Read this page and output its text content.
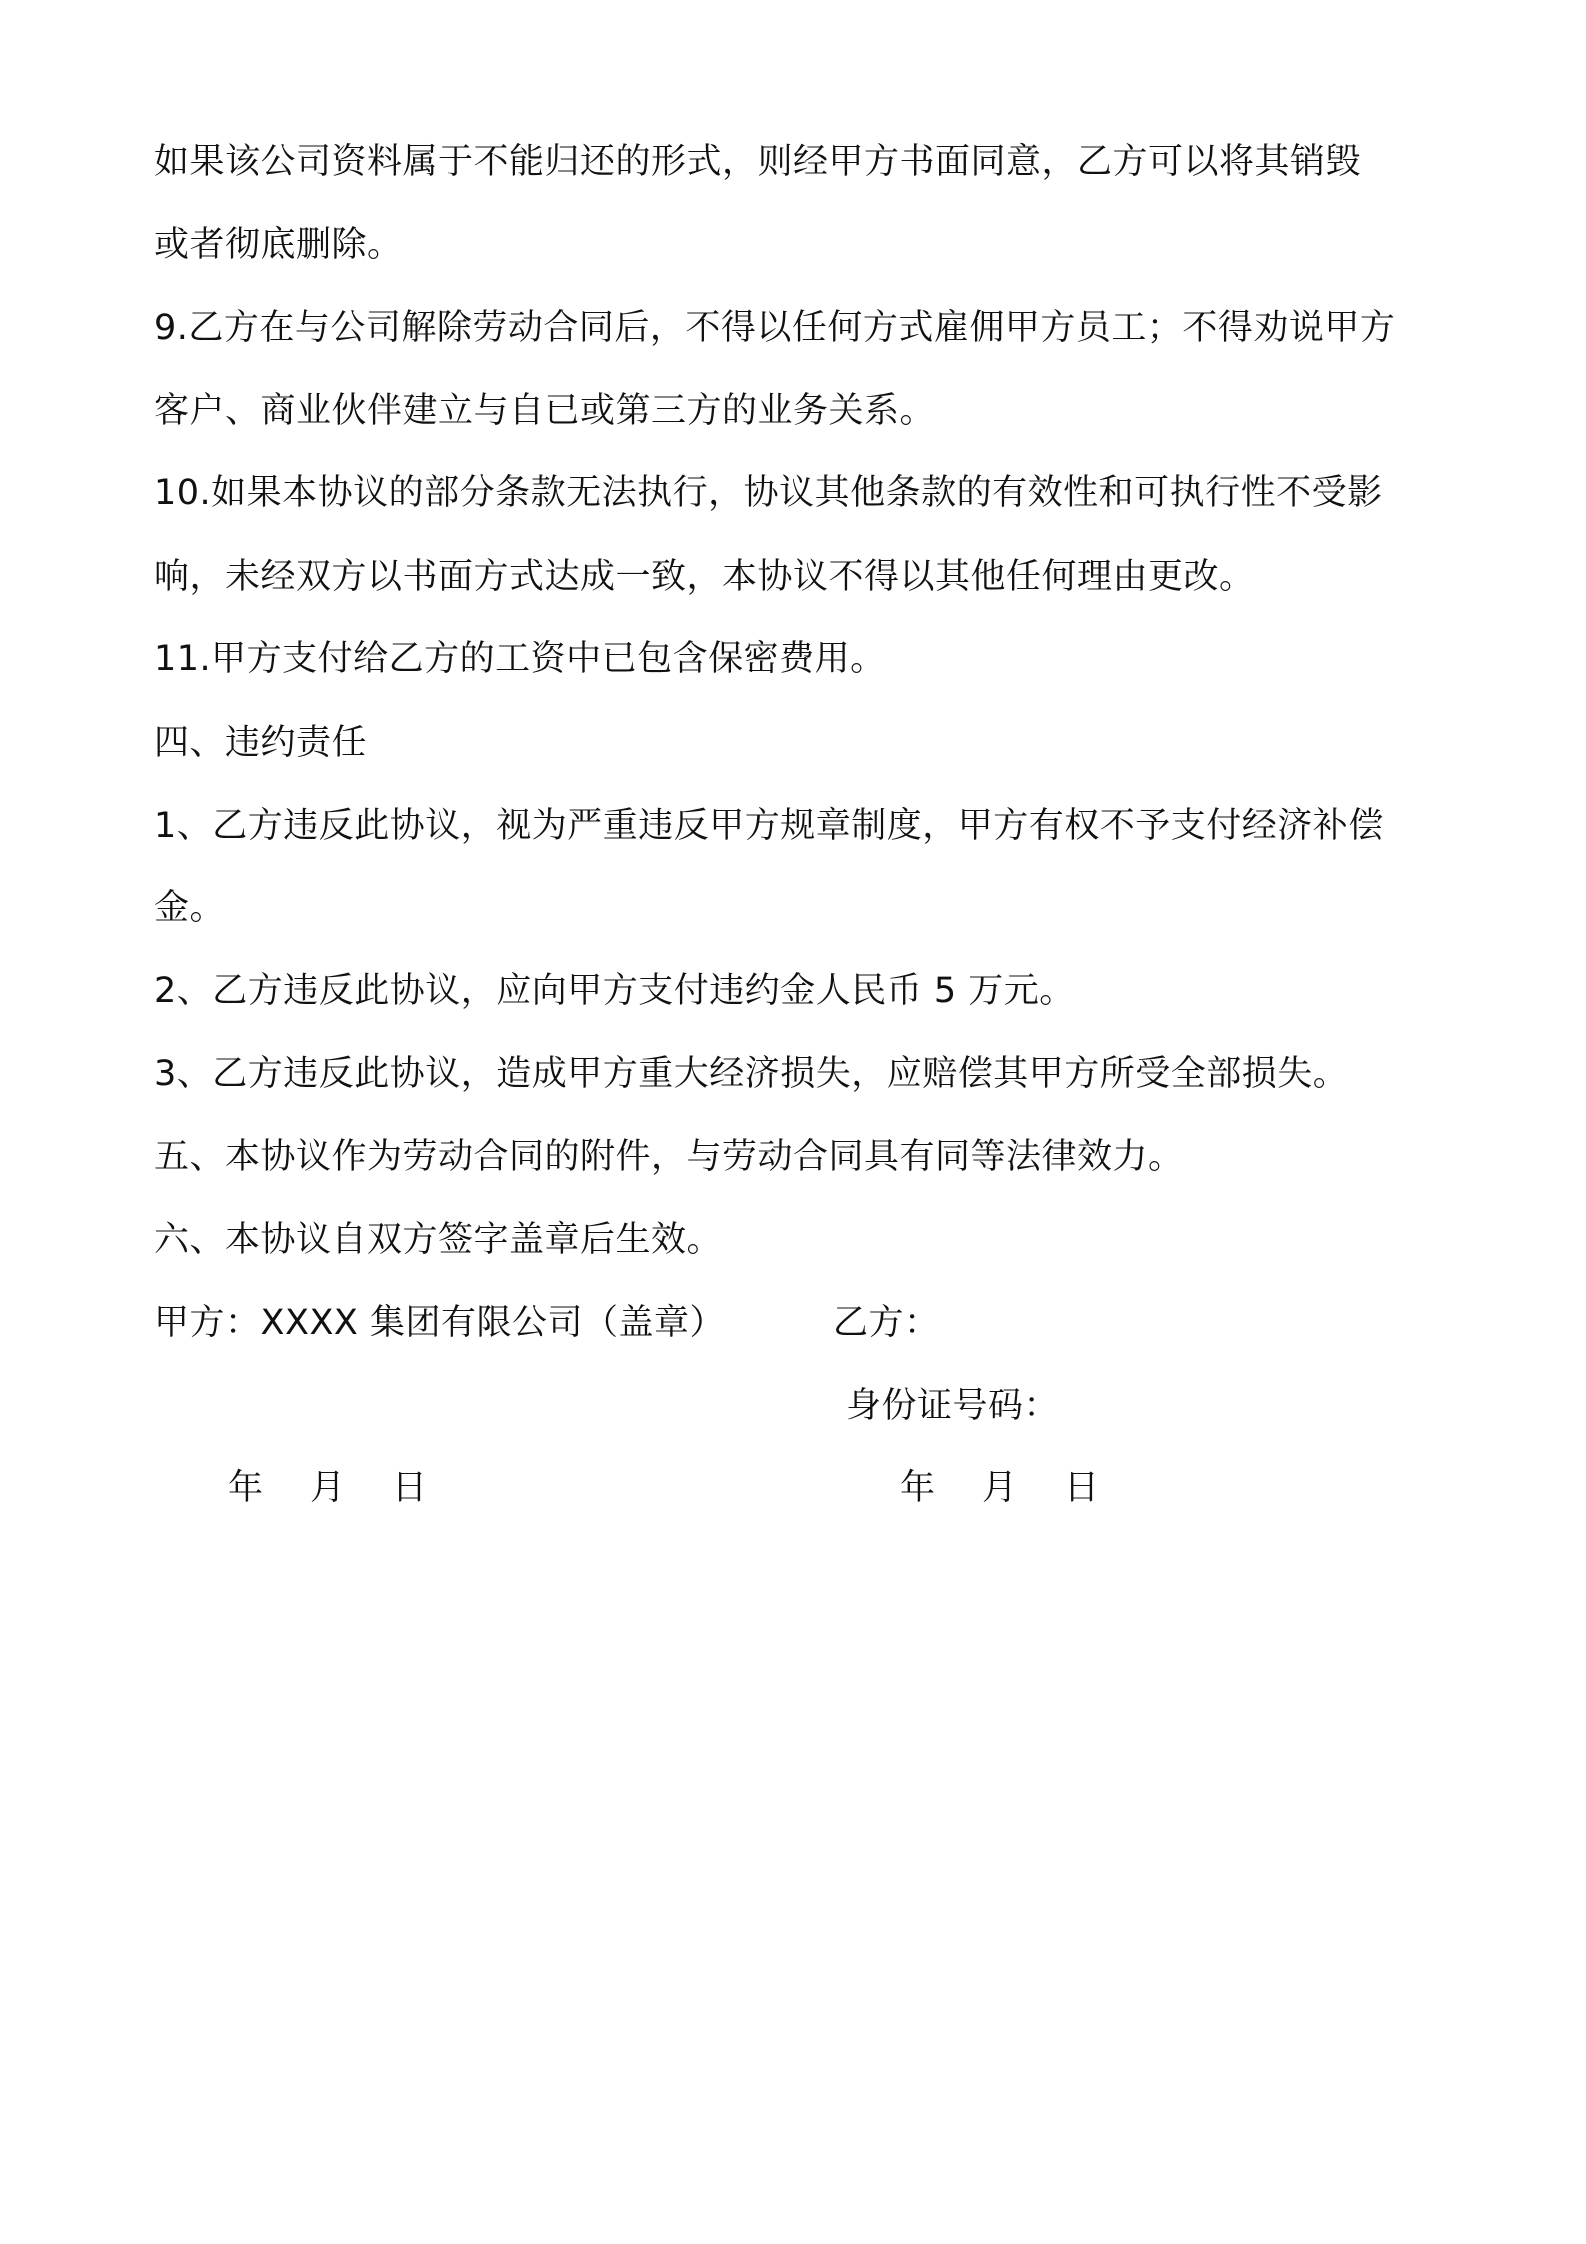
如果该公司资料属于不能归还的形式，则经甲方书面同意，乙方可以将其销毁
或者彻底删除。
9.乙方在与公司解除劳动合同后，不得以任何方式雇佣甲方员工；不得劝说甲方
客户、商业伙伴建立与自已或第三方的业务关系。
10.如果本协议的部分条款无法执行，协议其他条款的有效性和可执行性不受影
响，未经双方以书面方式达成一致，本协议不得以其他任何理由更改。
11.甲方支付给乙方的工资中已包含保密费用。
四、违约责任
1、乙方违反此协议，视为严重违反甲方规章制度，甲方有权不予支付经济补偿
金。
2、乙方违反此协议，应向甲方支付违约金人民币 5 万元。
3、乙方违反此协议，造成甲方重大经济损失，应赔偿其甲方所受全部损失。
五、本协议作为劳动合同的附件，与劳动合同具有同等法律效力。
六、本协议自双方签字盖章后生效。
甲方：XXXX 集团有限公司（盖章）	乙方：
身份证号码：
年    月    日	年    月    日
